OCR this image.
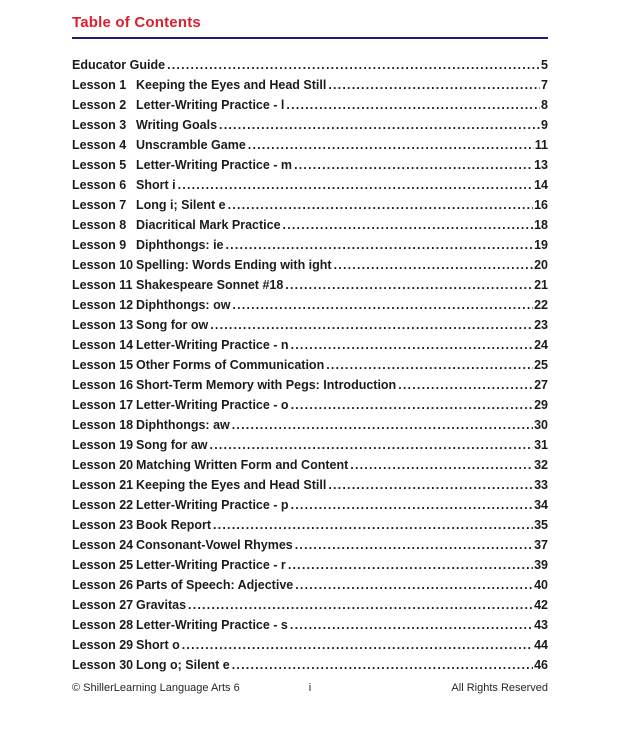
Table of Contents
Educator Guide .....	5
Lesson 1 Keeping the Eyes and Head Still .....	7
Lesson 2 Letter-Writing Practice - l .....	8
Lesson 3 Writing Goals .....	9
Lesson 4 Unscramble Game .....	11
Lesson 5 Letter-Writing Practice - m .....	13
Lesson 6 Short i .....	14
Lesson 7 Long i; Silent e .....	16
Lesson 8 Diacritical Mark Practice .....	18
Lesson 9 Diphthongs: ie .....	19
Lesson 10 Spelling: Words Ending with ight .....	20
Lesson 11 Shakespeare Sonnet #18 .....	21
Lesson 12 Diphthongs: ow .....	22
Lesson 13 Song for ow .....	23
Lesson 14 Letter-Writing Practice - n .....	24
Lesson 15 Other Forms of Communication .....	25
Lesson 16 Short-Term Memory with Pegs: Introduction .....	27
Lesson 17 Letter-Writing Practice - o .....	29
Lesson 18 Diphthongs: aw .....	30
Lesson 19 Song for aw .....	31
Lesson 20 Matching Written Form and Content .....	32
Lesson 21 Keeping the Eyes and Head Still .....	33
Lesson 22 Letter-Writing Practice - p .....	34
Lesson 23 Book Report .....	35
Lesson 24 Consonant-Vowel Rhymes .....	37
Lesson 25 Letter-Writing Practice - r .....	39
Lesson 26 Parts of Speech: Adjective .....	40
Lesson 27 Gravitas .....	42
Lesson 28 Letter-Writing Practice - s .....	43
Lesson 29 Short o .....	44
Lesson 30 Long o; Silent e .....	46
© ShillerLearning Language Arts 6	i	All Rights Reserved
